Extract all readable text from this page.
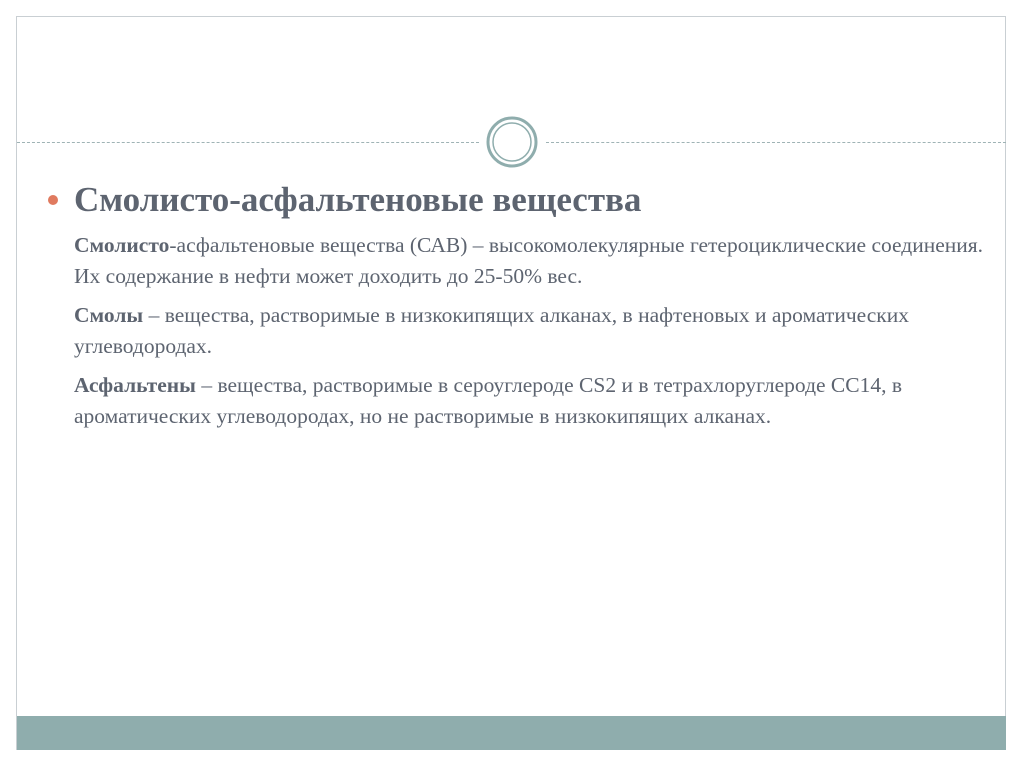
Смолисто-асфальтеновые вещества

Смолисто-асфальтеновые вещества (САВ) – высокомолекулярные гетероциклические соединения. Их содержание в нефти может доходить до 25-50% вес.

Смолы – вещества, растворимые в низкокипящих алканах, в нафтеновых и ароматических углеводородах.

Асфальтены – вещества, растворимые в сероуглероде CS2 и в тетрахлоруглероде CC14, в ароматических углеводородах, но не растворимые в низкокипящих алканах.
